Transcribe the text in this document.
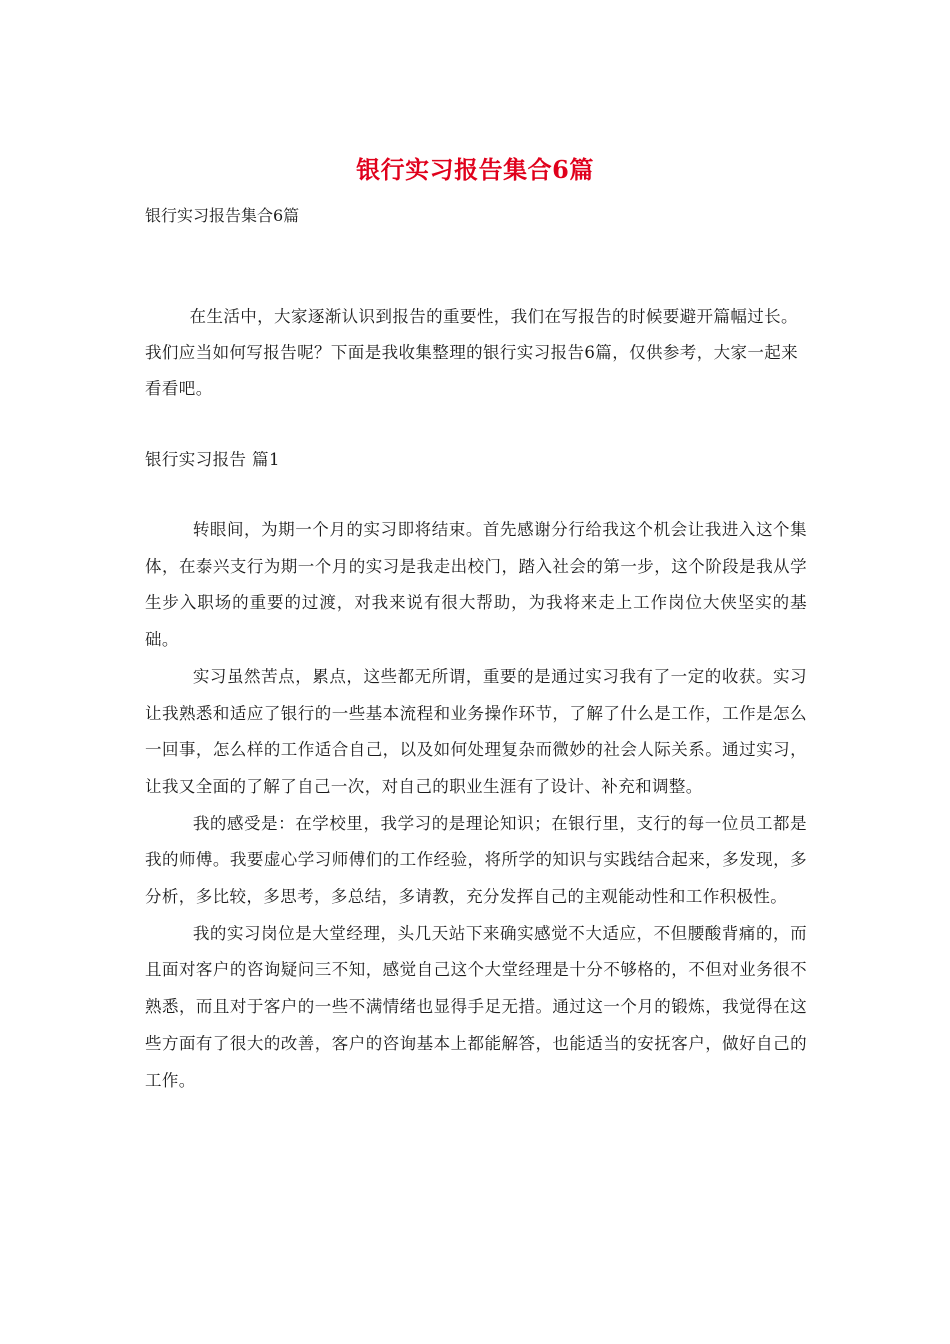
银行实习报告集合6篇
银行实习报告集合6篇
在生活中，大家逐渐认识到报告的重要性，我们在写报告的时候要避开篇幅过长。我们应当如何写报告呢？下面是我收集整理的银行实习报告6篇，仅供参考，大家一起来看看吧。
银行实习报告 篇1

转眼间，为期一个月的实习即将结束。首先感谢分行给我这个机会让我进入这个集体，在泰兴支行为期一个月的实习是我走出校门，踏入社会的第一步，这个阶段是我从学生步入职场的重要的过渡，对我来说有很大帮助，为我将来走上工作岗位大侠坚实的基础。

实习虽然苦点，累点，这些都无所谓，重要的是通过实习我有了一定的收获。实习让我熟悉和适应了银行的一些基本流程和业务操作环节，了解了什么是工作，工作是怎么一回事，怎么样的工作适合自己，以及如何处理复杂而微妙的社会人际关系。通过实习，让我又全面的了解了自己一次，对自己的职业生涯有了设计、补充和调整。

我的感受是：在学校里，我学习的是理论知识；在银行里，支行的每一位员工都是我的师傅。我要虚心学习师傅们的工作经验，将所学的知识与实践结合起来，多发现，多分析，多比较，多思考，多总结，多请教，充分发挥自己的主观能动性和工作积极性。

我的实习岗位是大堂经理，头几天站下来确实感觉不大适应，不但腰酸背痛的，而且面对客户的咨询疑问三不知，感觉自己这个大堂经理是十分不够格的，不但对业务很不熟悉，而且对于客户的一些不满情绪也显得手足无措。通过这一个月的锻炼，我觉得在这些方面有了很大的改善，客户的咨询基本上都能解答，也能适当的安抚客户，做好自己的工作。
